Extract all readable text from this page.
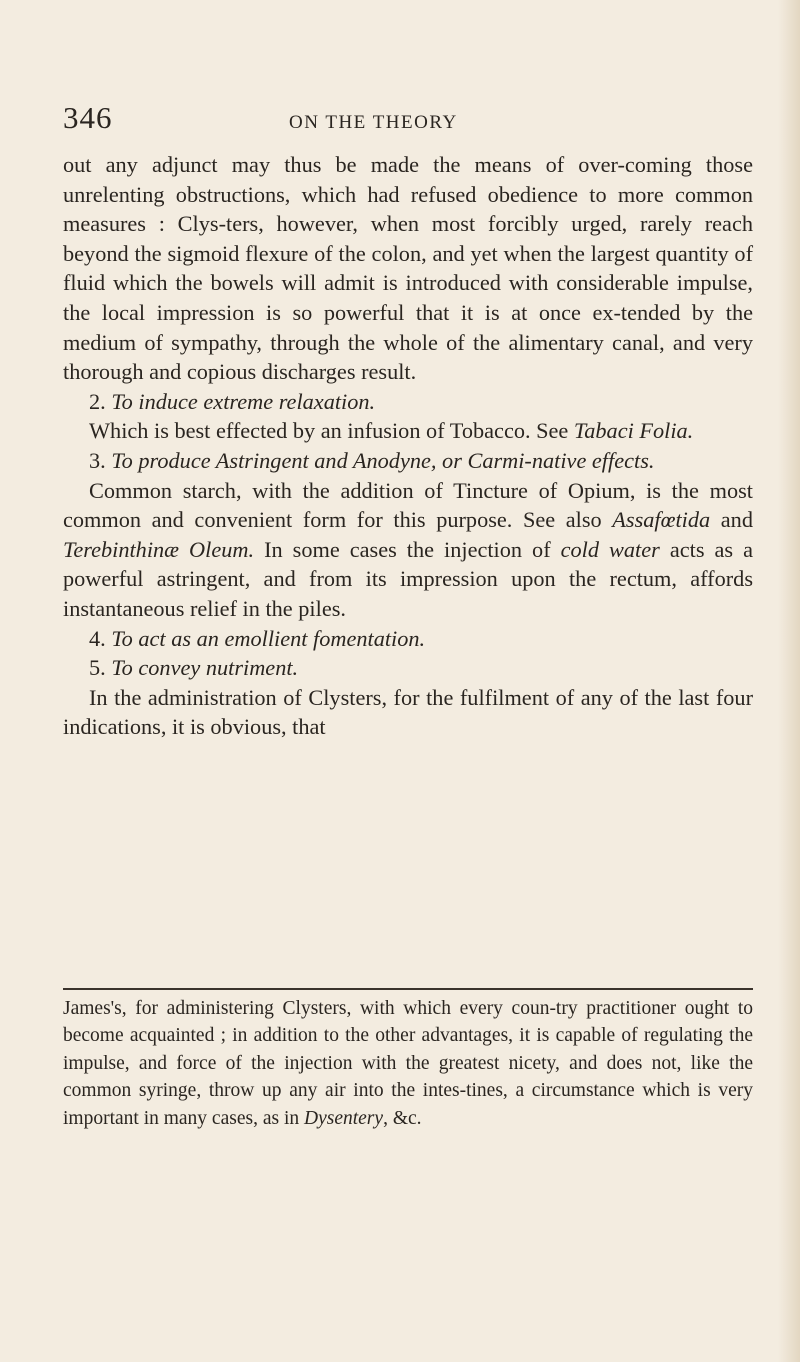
346	ON THE THEORY

out any adjunct may thus be made the means of over-coming those unrelenting obstructions, which had refused obedience to more common measures : Clys-ters, however, when most forcibly urged, rarely reach beyond the sigmoid flexure of the colon, and yet when the largest quantity of fluid which the bowels will admit is introduced with considerable impulse, the local impression is so powerful that it is at once ex-tended by the medium of sympathy, through the whole of the alimentary canal, and very thorough and copious discharges result.

2. To induce extreme relaxation.

Which is best effected by an infusion of Tobacco. See Tabaci Folia.

3. To produce Astringent and Anodyne, or Carmi-native effects.

Common starch, with the addition of Tincture of Opium, is the most common and convenient form for this purpose. See also Assafœtida and Terebinthinæ Oleum. In some cases the injection of cold water acts as a powerful astringent, and from its impression upon the rectum, affords instantaneous relief in the piles.

4. To act as an emollient fomentation.

5. To convey nutriment.

In the administration of Clysters, for the fulfilment of any of the last four indications, it is obvious, that

James's, for administering Clysters, with which every coun-try practitioner ought to become acquainted ; in addition to the other advantages, it is capable of regulating the impulse, and force of the injection with the greatest nicety, and does not, like the common syringe, throw up any air into the intes-tines, a circumstance which is very important in many cases, as in Dysentery, &c.
